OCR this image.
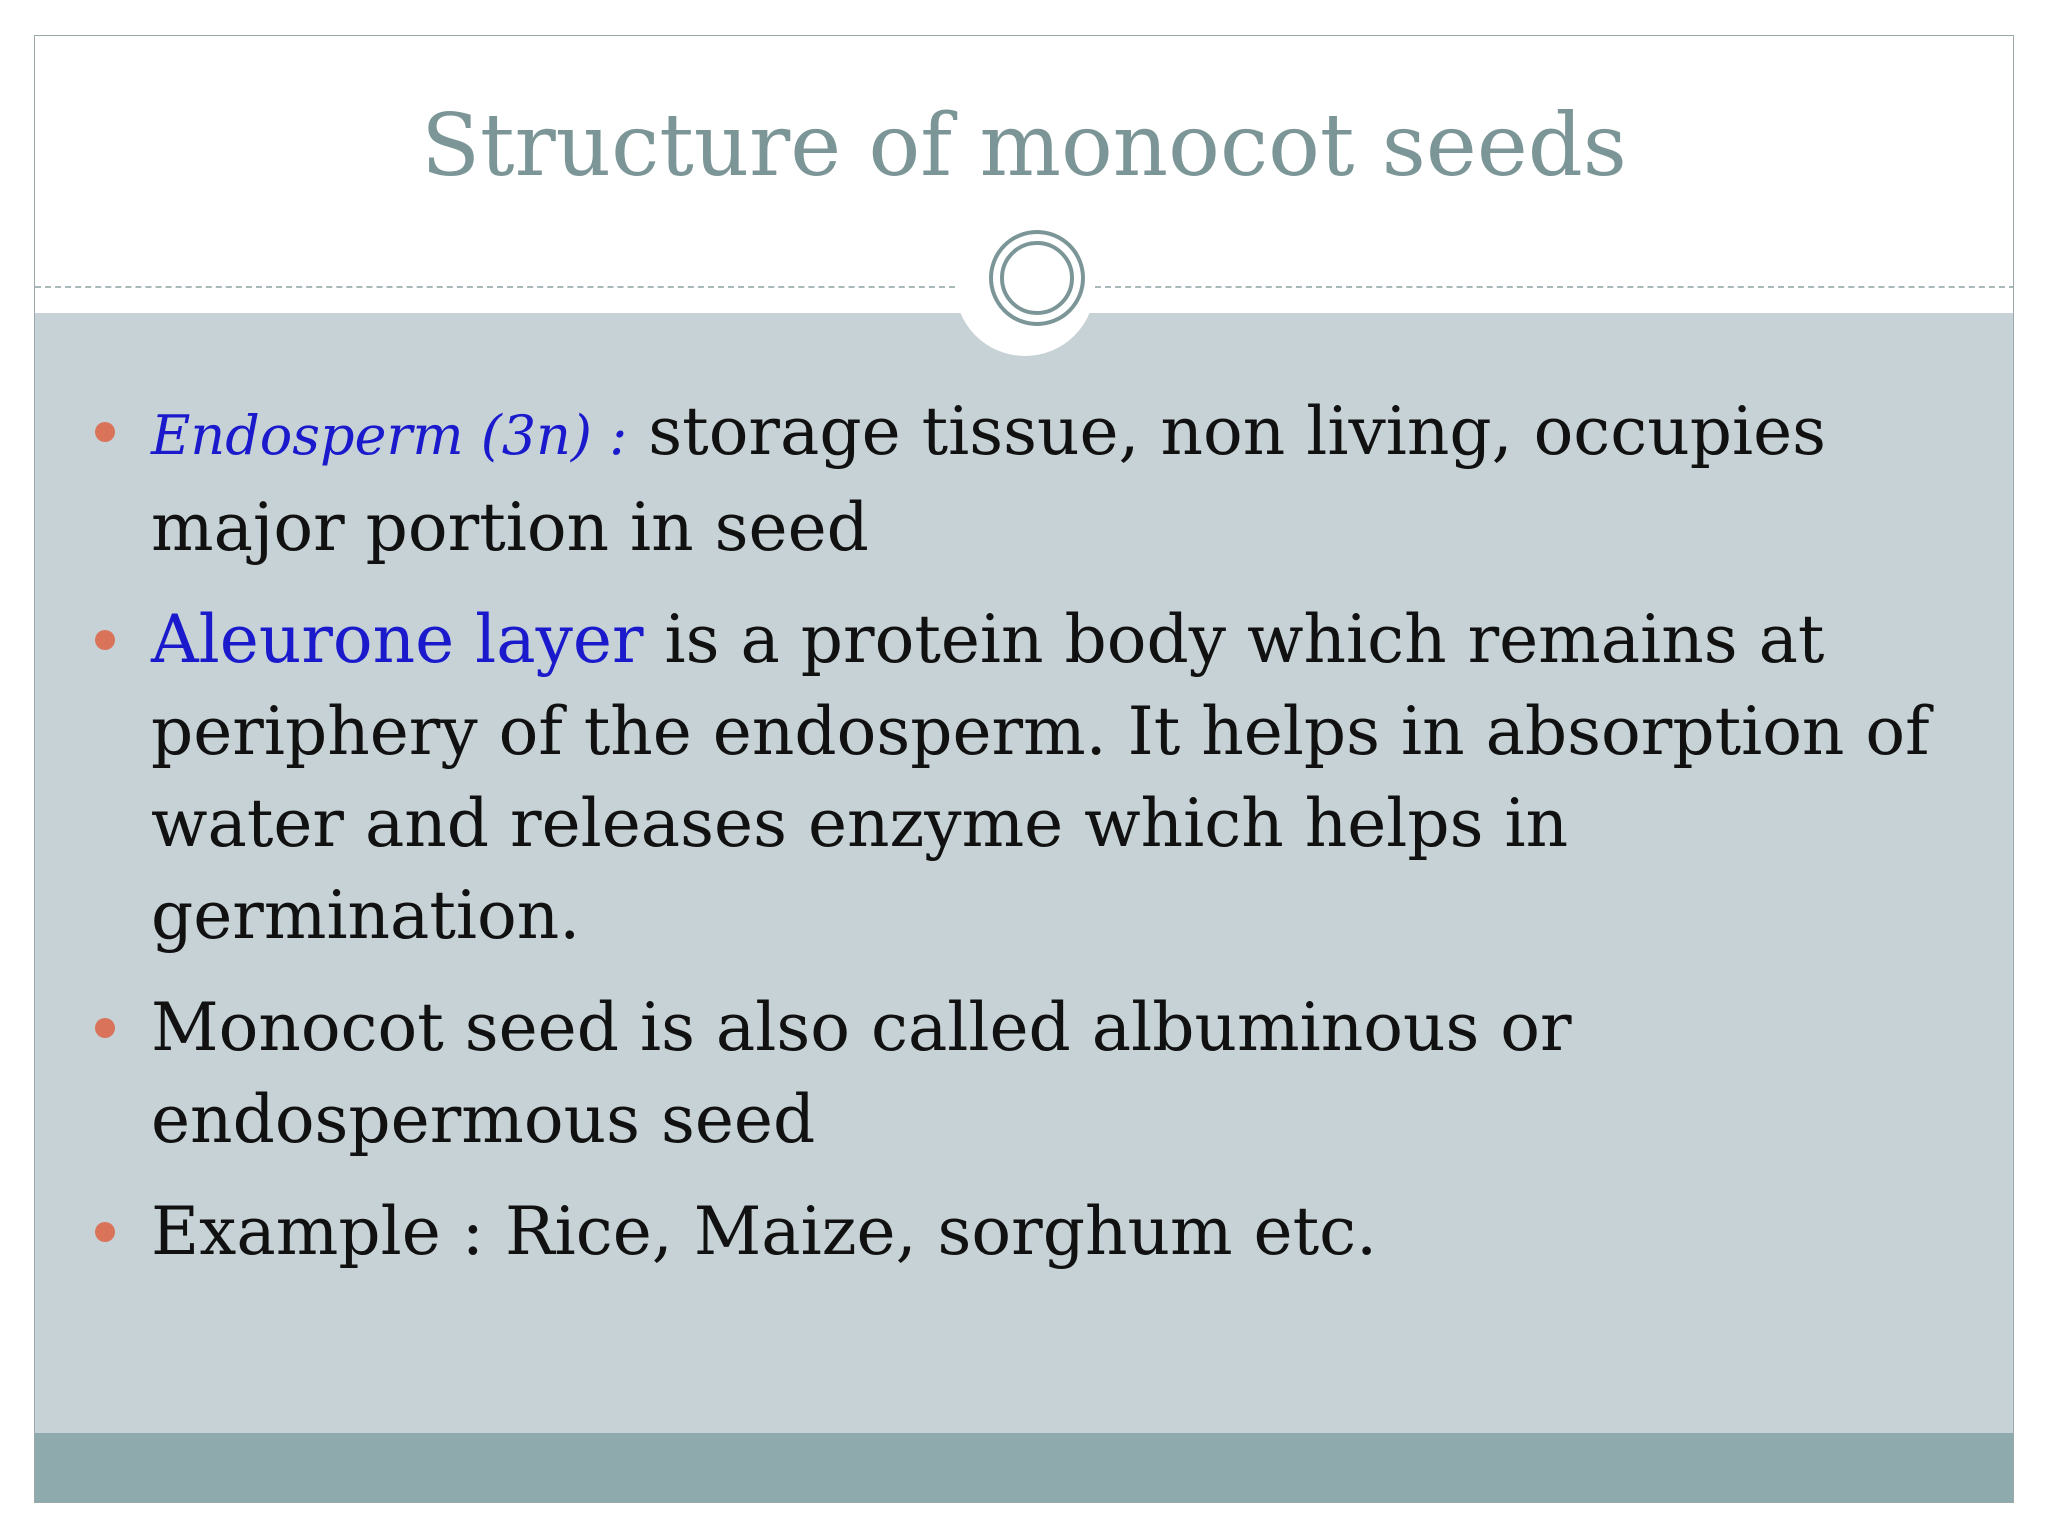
Structure of monocot seeds
Endosperm (3n) : storage tissue, non living, occupies major portion in seed
Aleurone layer is a protein body which remains at periphery of the endosperm. It helps in absorption of water and releases enzyme which helps in germination.
Monocot seed is also called albuminous or endospermous seed
Example : Rice, Maize, sorghum etc.
